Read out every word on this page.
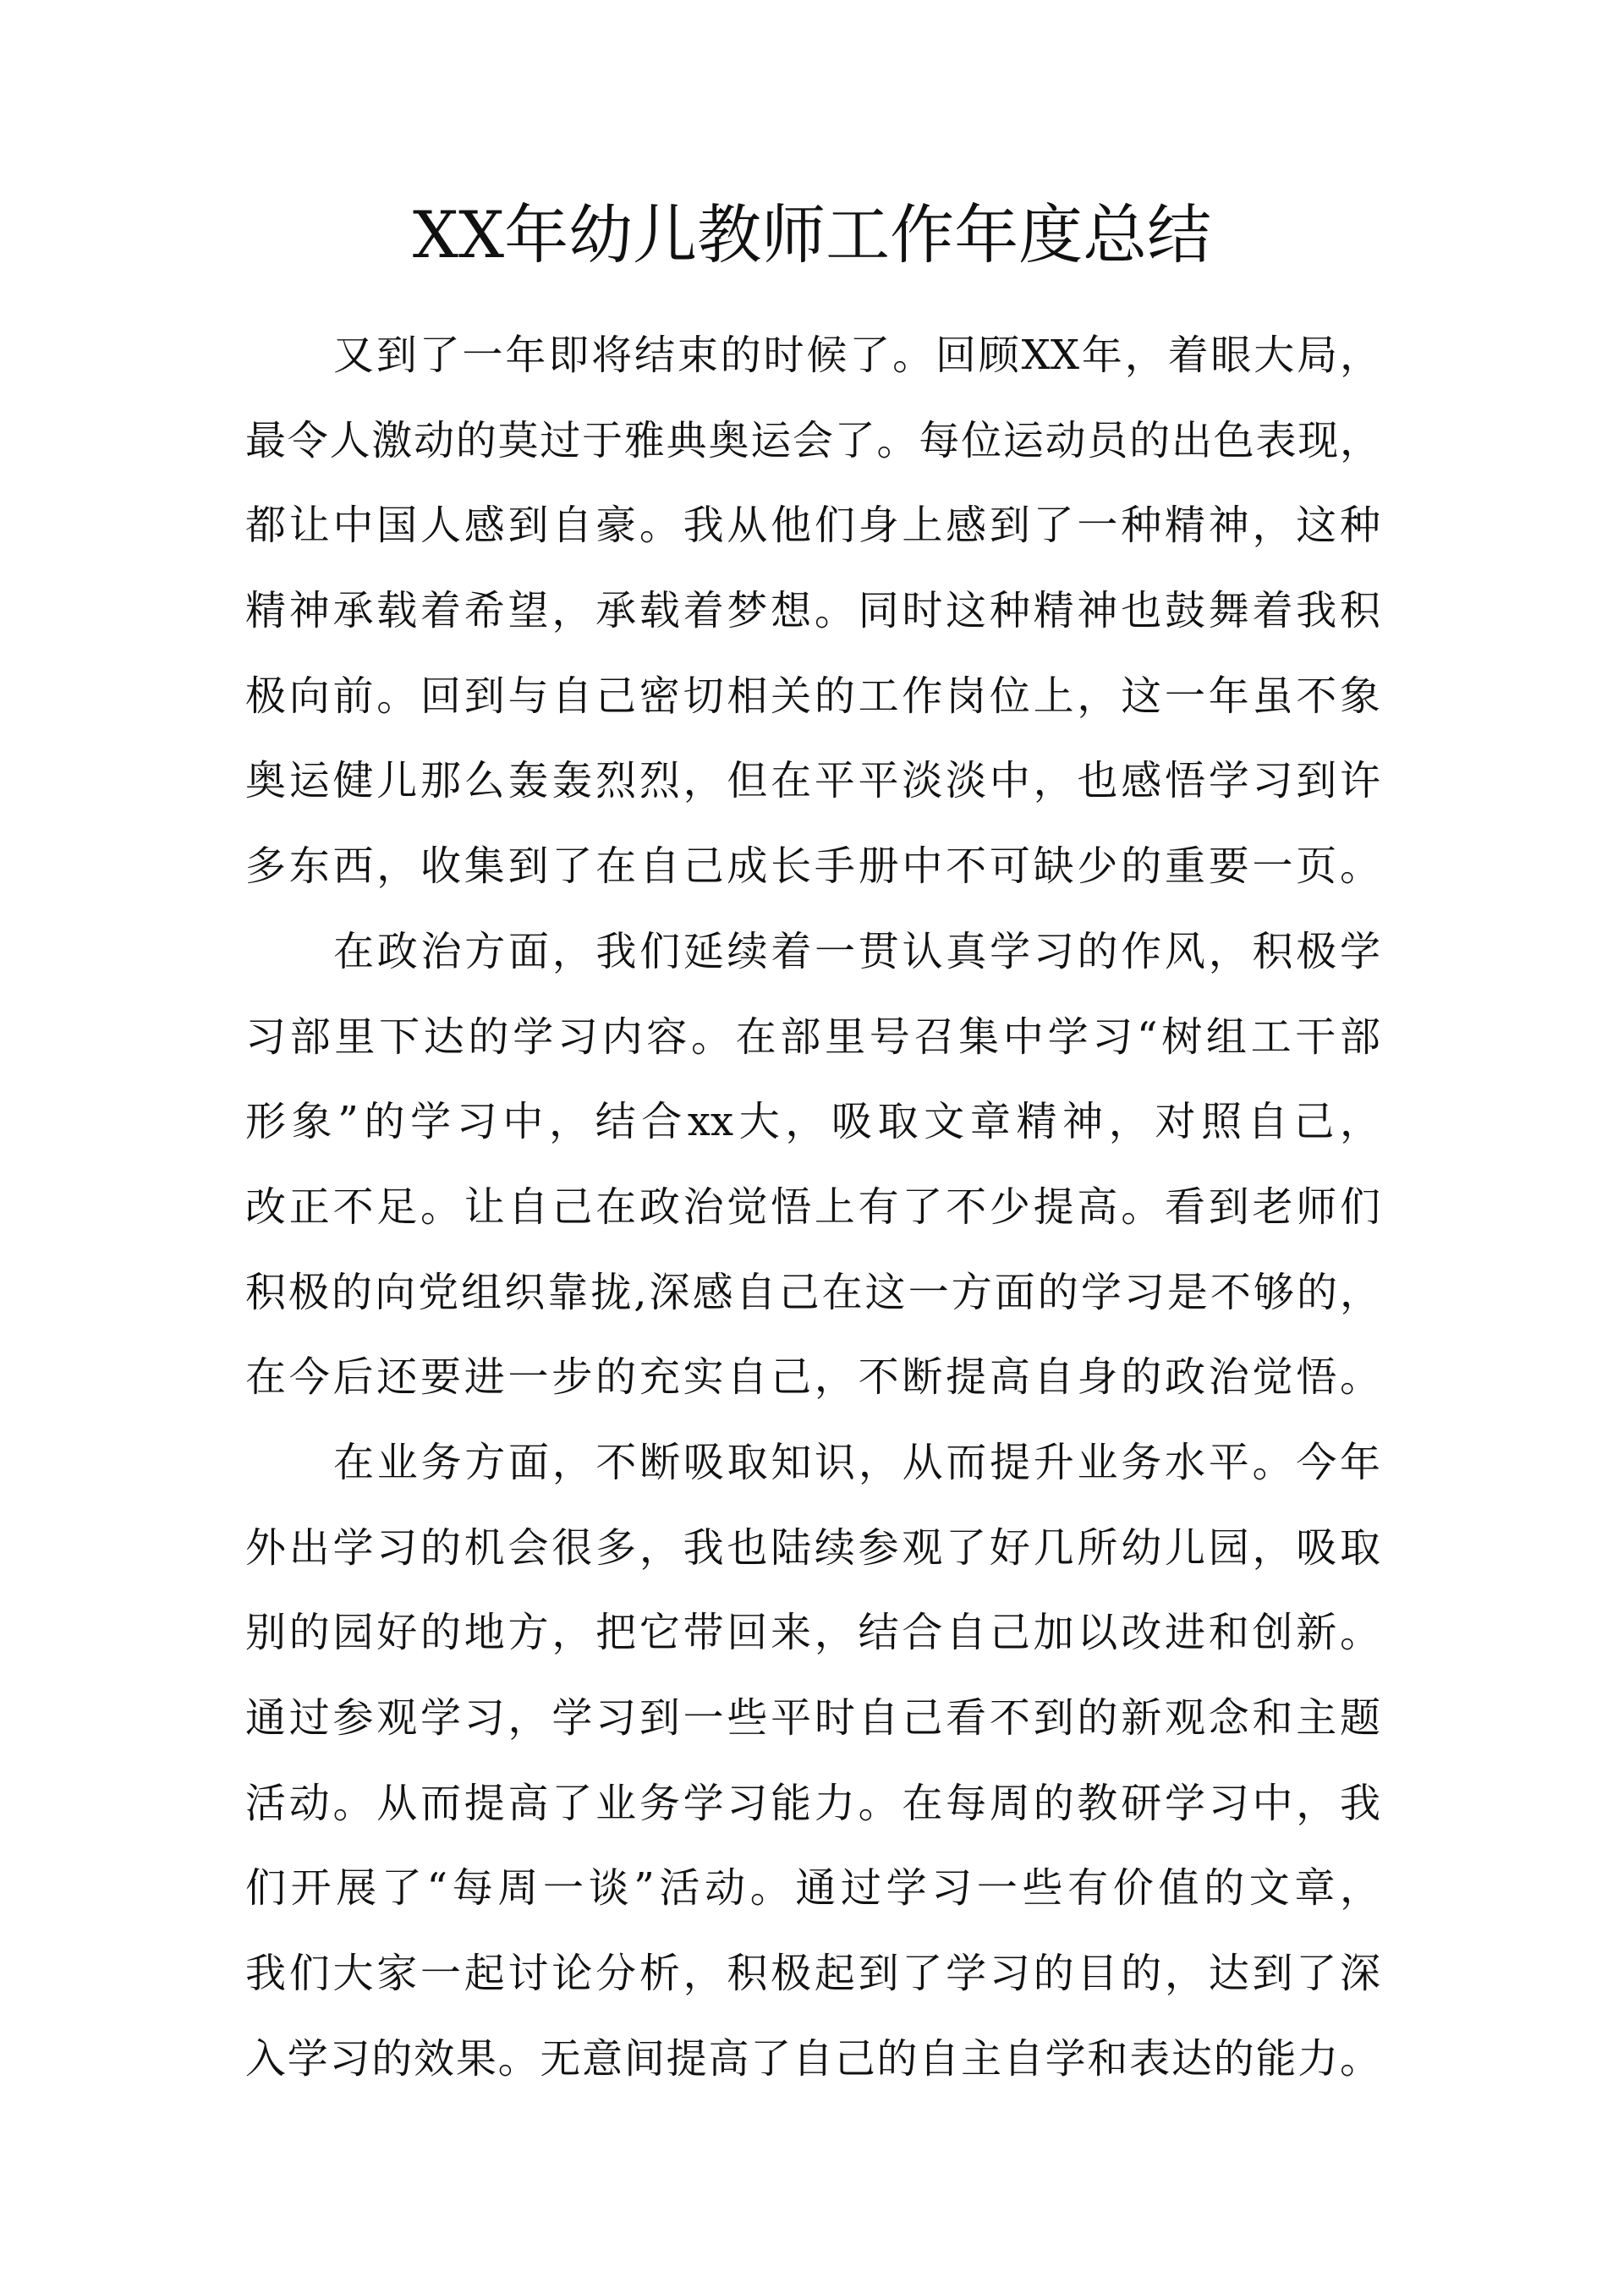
XX年幼儿教师工作年度总结
又到了一年即将结束的时候了。回顾XX年，着眼大局，
最令人激动的莫过于雅典奥运会了。每位运动员的出色表现，
都让中国人感到自豪。我从他们身上感到了一种精神，这种
精神承载着希望，承载着梦想。同时这种精神也鼓舞着我积
极向前。回到与自己密切相关的工作岗位上，这一年虽不象
奥运健儿那么轰轰烈烈，但在平平淡淡中，也感悟学习到许
多东西，收集到了在自己成长手册中不可缺少的重要一页。
在政治方面，我们延续着一贯认真学习的作风，积极学
习部里下达的学习内容。在部里号召集中学习“树组工干部
形象”的学习中，结合xx大，吸取文章精神，对照自己，
改正不足。让自己在政治觉悟上有了不少提高。看到老师们
积极的向党组织靠拢,深感自己在这一方面的学习是不够的，
在今后还要进一步的充实自己，不断提高自身的政治觉悟。
在业务方面，不断吸取知识，从而提升业务水平。今年
外出学习的机会很多，我也陆续参观了好几所幼儿园，吸取
别的园好的地方，把它带回来，结合自己加以改进和创新。
通过参观学习，学习到一些平时自己看不到的新观念和主题
活动。从而提高了业务学习能力。在每周的教研学习中，我
们开展了“每周一谈”活动。通过学习一些有价值的文章，
我们大家一起讨论分析，积极起到了学习的目的，达到了深
入学习的效果。无意间提高了自己的自主自学和表达的能力。
